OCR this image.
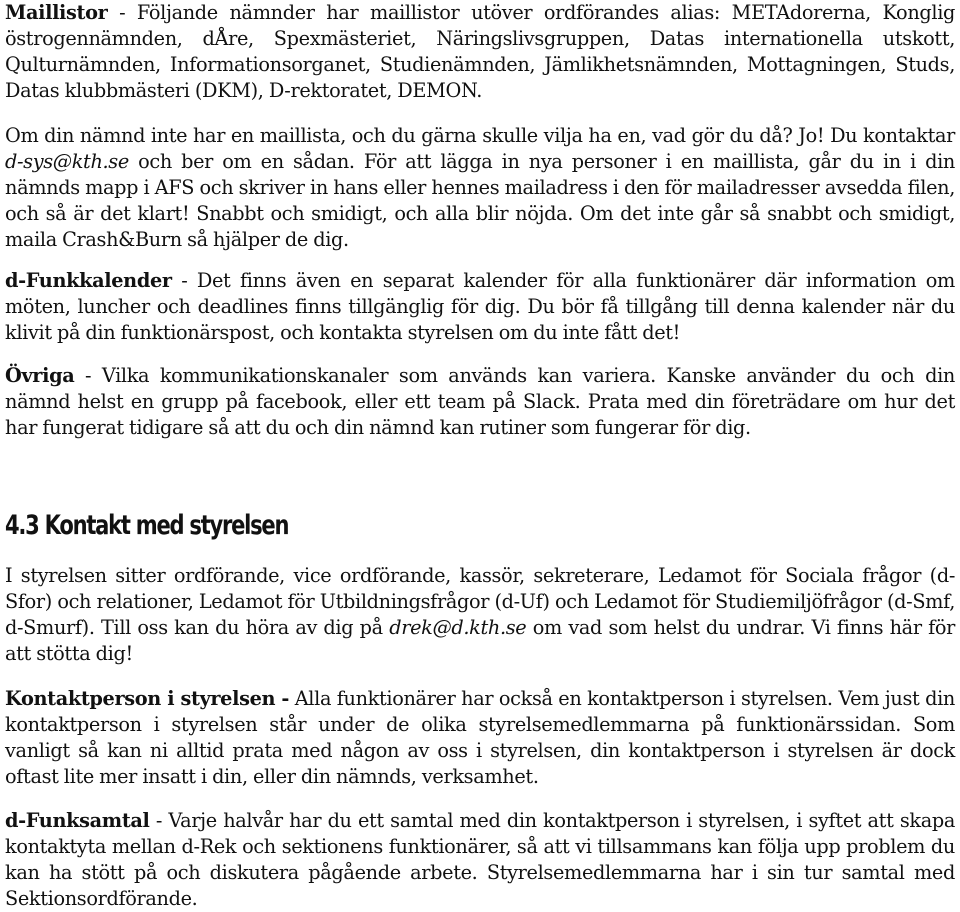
Maillistor - Följande nämnder har maillistor utöver ordförandes alias: METAdorerna, Konglig östrogennämnden, dÅre, Spexmästeriet, Näringslivsgruppen, Datas internationella utskott, Qulturnämnden, Informationsorganet, Studienämnden, Jämlikhetsnämnden, Mottagningen, Studs, Datas klubbmästeri (DKM), D-rektoratet, DEMON.

Om din nämnd inte har en maillista, och du gärna skulle vilja ha en, vad gör du då? Jo! Du kontaktar d-sys@kth.se och ber om en sådan. För att lägga in nya personer i en maillista, går du in i din nämnds mapp i AFS och skriver in hans eller hennes mailadress i den för mailadresser avsedda filen, och så är det klart! Snabbt och smidigt, och alla blir nöjda. Om det inte går så snabbt och smidigt, maila Crash&Burn så hjälper de dig.

d-Funkkalender - Det finns även en separat kalender för alla funktionärer där information om möten, luncher och deadlines finns tillgänglig för dig. Du bör få tillgång till denna kalender när du klivit på din funktionärspost, och kontakta styrelsen om du inte fått det!

Övriga - Vilka kommunikationskanaler som används kan variera. Kanske använder du och din nämnd helst en grupp på facebook, eller ett team på Slack. Prata med din företrädare om hur det har fungerat tidigare så att du och din nämnd kan rutiner som fungerar för dig.

4.3 Kontakt med styrelsen

I styrelsen sitter ordförande, vice ordförande, kassör, sekreterare, Ledamot för Sociala frågor (d-Sfor) och relationer, Ledamot för Utbildningsfrågor (d-Uf) och Ledamot för Studiemiljöfrågor (d-Smf, d-Smurf). Till oss kan du höra av dig på drek@d.kth.se om vad som helst du undrar. Vi finns här för att stötta dig!

Kontaktperson i styrelsen - Alla funktionärer har också en kontaktperson i styrelsen. Vem just din kontaktperson i styrelsen står under de olika styrelsemedlemmarna på funktionärssidan. Som vanligt så kan ni alltid prata med någon av oss i styrelsen, din kontaktperson i styrelsen är dock oftast lite mer insatt i din, eller din nämnds, verksamhet.

d-Funksamtal - Varje halvår har du ett samtal med din kontaktperson i styrelsen, i syftet att skapa kontaktyta mellan d-Rek och sektionens funktionärer, så att vi tillsammans kan följa upp problem du kan ha stött på och diskutera pågående arbete. Styrelsemedlemmarna har i sin tur samtal med Sektionsordförande.
